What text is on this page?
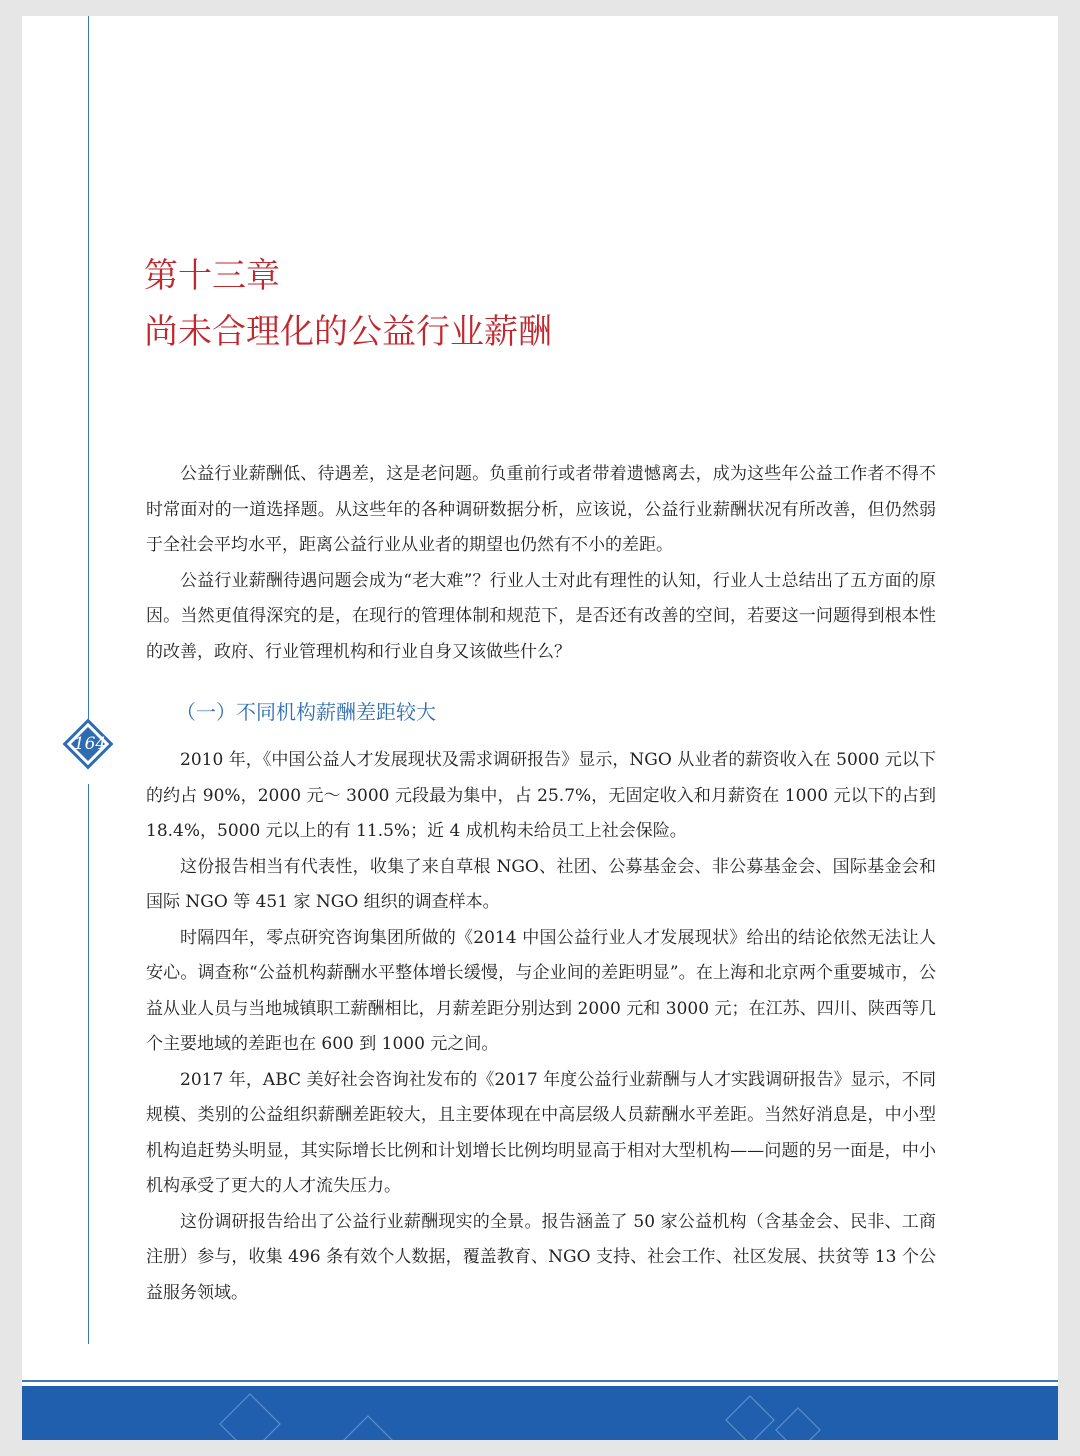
第十三章
尚未合理化的公益行业薪酬

公益行业薪酬低、待遇差，这是老问题。负重前行或者带着遗憾离去，成为这些年公益工作者不得不时常面对的一道选择题。从这些年的各种调研数据分析，应该说，公益行业薪酬状况有所改善，但仍然弱于全社会平均水平，距离公益行业从业者的期望也仍然有不小的差距。

公益行业薪酬待遇问题会成为“老大难”？行业人士对此有理性的认知，行业人士总结出了五方面的原因。当然更值得深究的是，在现行的管理体制和规范下，是否还有改善的空间，若要这一问题得到根本性的改善，政府、行业管理机构和行业自身又该做些什么？

（一）不同机构薪酬差距较大
164

2010 年，《中国公益人才发展现状及需求调研报告》显示，NGO 从业者的薪资收入在 5000 元以下的约占 90%，2000 元～ 3000 元段最为集中，占 25.7%，无固定收入和月薪资在 1000 元以下的占到 18.4%，5000 元以上的有 11.5%；近 4 成机构未给员工上社会保险。

这份报告相当有代表性，收集了来自草根 NGO、社团、公募基金会、非公募基金会、国际基金会和国际 NGO 等 451 家 NGO 组织的调查样本。

时隔四年，零点研究咨询集团所做的《2014 中国公益行业人才发展现状》给出的结论依然无法让人安心。调查称“公益机构薪酬水平整体增长缓慢，与企业间的差距明显”。在上海和北京两个重要城市，公益从业人员与当地城镇职工薪酬相比，月薪差距分别达到 2000 元和 3000 元；在江苏、四川、陕西等几个主要地域的差距也在 600 到 1000 元之间。

2017 年，ABC 美好社会咨询社发布的《2017 年度公益行业薪酬与人才实践调研报告》显示，不同规模、类别的公益组织薪酬差距较大，且主要体现在中高层级人员薪酬水平差距。当然好消息是，中小型机构追赶势头明显，其实际增长比例和计划增长比例均明显高于相对大型机构——问题的另一面是，中小机构承受了更大的人才流失压力。

这份调研报告给出了公益行业薪酬现实的全景。报告涵盖了 50 家公益机构（含基金会、民非、工商注册）参与，收集 496 条有效个人数据，覆盖教育、NGO 支持、社会工作、社区发展、扶贫等 13 个公益服务领域。
